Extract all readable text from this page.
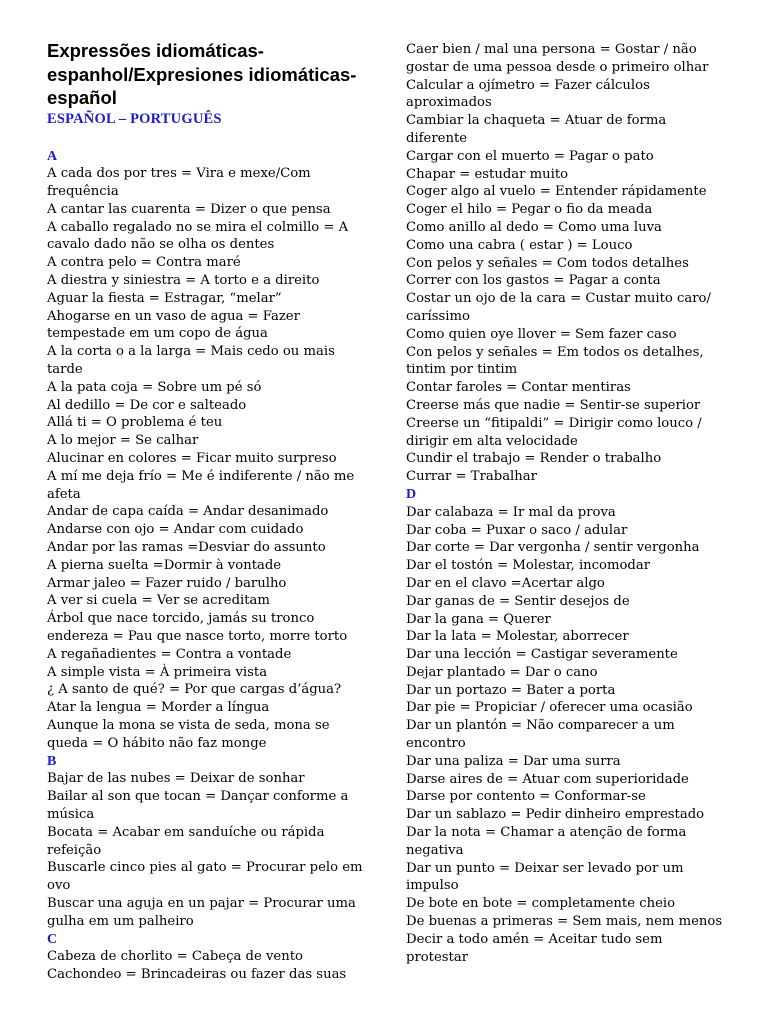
Expressões idiomáticas-espanhol/Expresiones idiomáticas-español
ESPAÑOL – PORTUGUÊS
A
A cada dos por tres = Vira e mexe/Com frequência
A cantar las cuarenta = Dizer o que pensa
A caballo regalado no se mira el colmillo = A cavalo dado não se olha os dentes
A contra pelo = Contra maré
A diestra y siniestra = A torto e a direito
Aguar la fiesta = Estragar, “melar”
Ahogarse en un vaso de agua = Fazer tempestade em um copo de água
A la corta o a la larga = Mais cedo ou mais tarde
A la pata coja = Sobre um pé só
Al dedillo = De cor e salteado
Allá ti = O problema é teu
A lo mejor = Se calhar
Alucinar en colores = Ficar muito surpreso
A mí me deja frío = Me é indiferente / não me afeta
Andar de capa caída = Andar desanimado
Andarse con ojo = Andar com cuidado
Andar por las ramas =Desviar do assunto
A pierna suelta =Dormir à vontade
Armar jaleo = Fazer ruido / barulho
A ver si cuela = Ver se acreditam
Árbol que nace torcido, jamás su tronco endereza = Pau que nasce torto, morre torto
A regañadientes = Contra a vontade
A simple vista = À primeira vista
¿ A santo de qué? = Por que cargas d’água?
Atar la lengua = Morder a língua
Aunque la mona se vista de seda, mona se queda = O hábito não faz monge
B
Bajar de las nubes = Deixar de sonhar
Bailar al son que tocan = Dançar conforme a música
Bocata = Acabar em sanduíche ou rápida refeição
Buscarle cinco pies al gato = Procurar pelo em ovo
Buscar una aguja en un pajar = Procurar uma gulha em um palheiro
C
Cabeza de chorlito = Cabeça de vento
Cachondeo = Brincadeiras ou fazer das suas
Caer bien / mal una persona = Gostar / não gostar de uma pessoa desde o primeiro olhar
Calcular a ojímetro = Fazer cálculos aproximados
Cambiar la chaqueta = Atuar de forma diferente
Cargar con el muerto = Pagar o pato
Chapar = estudar muito
Coger algo al vuelo = Entender rápidamente
Coger el hilo = Pegar o fio da meada
Como anillo al dedo = Como uma luva
Como una cabra ( estar ) = Louco
Con pelos y señales = Com todos detalhes
Correr con los gastos = Pagar a conta
Costar un ojo de la cara = Custar muito caro/ caríssimo
Como quien oye llover = Sem fazer caso
Con pelos y señales = Em todos os detalhes, tintim por tintim
Contar faroles = Contar mentiras
Creerse más que nadie = Sentir-se superior
Creerse un “fitipaldi” = Dirigir como louco / dirigir em alta velocidade
Cundir el trabajo = Render o trabalho
Currar = Trabalhar
D
Dar calabaza = Ir mal da prova
Dar coba = Puxar o saco / adular
Dar corte = Dar vergonha / sentir vergonha
Dar el tostón = Molestar, incomodar
Dar en el clavo =Acertar algo
Dar ganas de = Sentir desejos de
Dar la gana = Querer
Dar la lata = Molestar, aborrecer
Dar una lección = Castigar severamente
Dejar plantado = Dar o cano
Dar un portazo = Bater a porta
Dar pie = Propiciar / oferecer uma ocasião
Dar un plantón = Não comparecer a um encontro
Dar una paliza = Dar uma surra
Darse aires de = Atuar com superioridade
Darse por contento = Conformar-se
Dar un sablazo = Pedir dinheiro emprestado
Dar la nota = Chamar a atenção de forma negativa
Dar un punto = Deixar ser levado por um impulso
De bote en bote = completamente cheio
De buenas a primeras = Sem mais, nem menos
Decir a todo amén = Aceitar tudo sem protestar
